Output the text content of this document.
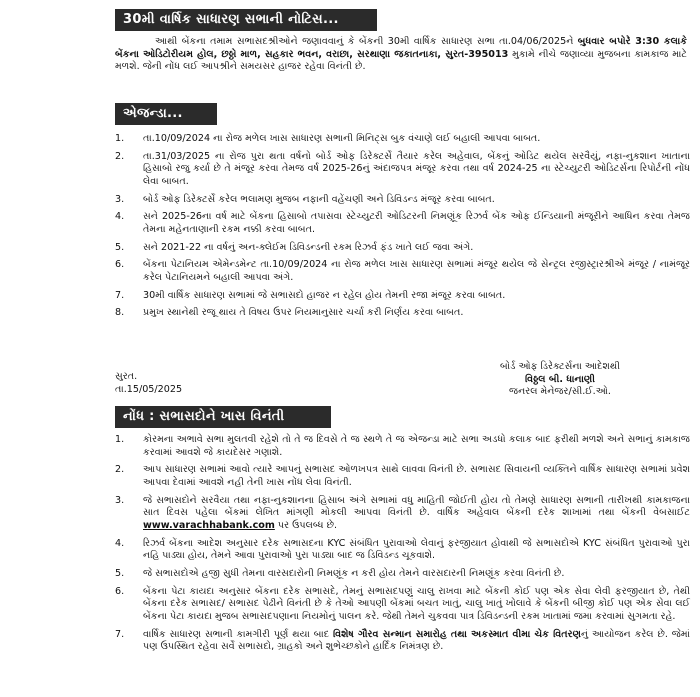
30મી વાર્ષિક સાધારણ સભાની નોટિસ...

આથી બેંકના તમામ સભાસદશ્રીઓને જણાવવાનું કે બેંકની 30મી વાર્ષિક સાધારણ સભા તા.04/06/2025ને બુધવાર બપોરે 3:30 કલાકે બેંકના ઓડિટોરીયમ હોલ, છઠ્ઠો માળ, સહકાર ભવન, વરાછા, સરથાણા જકાતનાકા, સુરત-395013 મુકામે નીચે જણાવ્યા મુજબના કામકાજ માટે મળશે. જેની નોંધ લઈ આપશ્રીને સમયસર હાજર રહેવા વિનંતી છે.

એજન્ડા...
1. તા.10/09/2024 ના રોજ મળેલ ખાસ સાધારણ સભાની મિનિટ્સ બુક વંચાણે લઈ બહાલી આપવા બાબત.
2. તા.31/03/2025 ના રોજ પુરા થતા વર્ષનો બોર્ડ ઓફ ડિરેક્ટર્સે તૈયાર કરેલ અહેવાલ, બેંકનું ઓડિટ થયેલ સરવૈયું, નફા-નુકશાન ખાતાના હિસાબો રજુ કર્યા છે તે મંજૂર કરવા તેમજ વર્ષ 2025-26નું અંદાજપત્ર મંજૂર કરવા તથા વર્ષ 2024-25 ના સ્ટેચ્યુટરી ઓડિટર્સના રિપોર્ટની નોંધ લેવા બાબત.
3. બોર્ડ ઓફ ડિરેક્ટર્સે કરેલ ભલામણ મુજબ નફાની વહેંચણી અને ડિવિડન્ડ મંજૂર કરવા બાબત.
4. સને 2025-26ના વર્ષ માટે બેંકના હિસાબો તપાસવા સ્ટેચ્યુટરી ઓડિટરની નિમણૂંક રિઝર્વ બેંક ઓફ ઈન્ડિયાની મંજૂરીને આધિન કરવા તેમજ તેમના મહેનતાણાની રકમ નક્કી કરવા બાબત.
5. સને 2021-22 ના વર્ષનું અન-ક્લેઈમ ડિવિડન્ડની રકમ રિઝર્વ ફંડ ખાતે લઈ જવા અંગે.
6. બેંકના પેટાનિયમ એમેન્ડમેન્ટ તા.10/09/2024 ના રોજ મળેલ ખાસ સાધારણ સભામાં મંજૂર થયેલ જે સેન્ટ્રલ રજીસ્ટ્રારશ્રીએ મંજૂર / નામંજૂર કરેલ પેટાનિયમને બહાલી આપવા અંગે.
7. 30મી વાર્ષિક સાધારણ સભામાં જે સભાસદો હાજર ન રહેલ હોય તેમની રજા મંજૂર કરવા બાબત.
8. પ્રમુખ સ્થાનેથી રજૂ થાય તે વિષય ઉપર નિયમાનુસાર ચર્ચા કરી નિર્ણય કરવા બાબત.
બોર્ડ ઓફ ડિરેક્ટર્સના આદેશથી
વિઠ્ઠલ બી. ધાનાણી
જનરલ મેનેજર/સી.ઈ.ઓ.
સુરત.
તા.15/05/2025
નોંધ : સભાસદોને ખાસ વિનંતી
1. કોરમના અભાવે સભા મુલતવી રહેશે તો તે જ દિવસે તે જ સ્થળે તે જ એજન્ડા માટે સભા અડધો કલાક બાદ ફરીથી મળશે અને સભાનું કામકાજ કરવામાં આવશે જે કાયદેસર ગણાશે.
2. આપ સાધારણ સભામાં આવો ત્યારે આપનું સભાસદ ઓળખપત્ર સાથે લાવવા વિનંતી છે. સભાસદ સિવાયની વ્યક્તિને વાર્ષિક સાધારણ સભામાં પ્રવેશ આપવા દેવામાં આવશે નહી તેની ખાસ નોંધ લેવા વિનંતી.
3. જે સભાસદોને સરવૈયા તથા નફા-નુકશાનના હિસાબ અંગે સભામાં વધુ માહિતી જોઈતી હોય તો તેમણે સાધારણ સભાની તારીખથી કામકાજના સાત દિવસ પહેલા બેંકમાં લેખિત માંગણી મોકલી આપવા વિનંતી છે. વાર્ષિક અહેવાલ બેંકની દરેક શાખામાં તથા બેંકની વેબસાઈટ www.varachhabank.com પર ઉપલબ્ધ છે.
4. રિઝર્વ બેંકના આદેશ અનુસાર દરેક સભાસદના KYC સંબંધિત પુરાવાઓ લેવાનું ફરજીયાત હોવાથી જે સભાસદોએ KYC સંબંધિત પુરાવાઓ પુરા નહિ પાડ્યા હોય, તેમને આવા પુરાવાઓ પુરા પાડ્યા બાદ જ ડિવિડન્ડ ચૂકવાશે.
5. જે સભાસદોએ હજી સુધી તેમના વારસદારોની નિમણૂંક ન કરી હોય તેમને વારસદારની નિમણૂંક કરવા વિનંતી છે.
6. બેંકના પેટા કાયદા અનુસાર બેંકના દરેક સભાસદે, તેમનું સભાસદપણું ચાલુ રાખવા માટે બેંકની કોઈ પણ એક સેવા લેવી ફરજીયાત છે, તેથી બેંકના દરેક સભાસદ/ સભાસદ પેઢીને વિનંતી છે કે તેઓ આપણી બેંકમાં બચત ખાતું, ચાલુ ખાતું ખોલાવે કે બેંકની બીજી કોઈ પણ એક સેવા લઈ બેંકના પેટા કાયદા મુજબ સભાસદપણાના નિયમોનું પાલન કરે. જેથી તેમને ચુકવવા પાત્ર ડિવિડન્ડની રકમ ખાતામાં જમા કરવામાં સુગમતા રહે.
7. વાર્ષિક સાધારણ સભાની કામગીરી પૂર્ણ થયા બાદ વિશેષ ગૌરવ સન્માન સમારોહ તથા અકસ્માત વીમા ચેક વિતરણનું આયોજન કરેલ છે. જેમાં પણ ઉપસ્થિત રહેવા સર્વે સભાસદો, ગ્રાહકો અને શુભેચ્છકોને હાર્દિક નિમંત્રણ છે.
